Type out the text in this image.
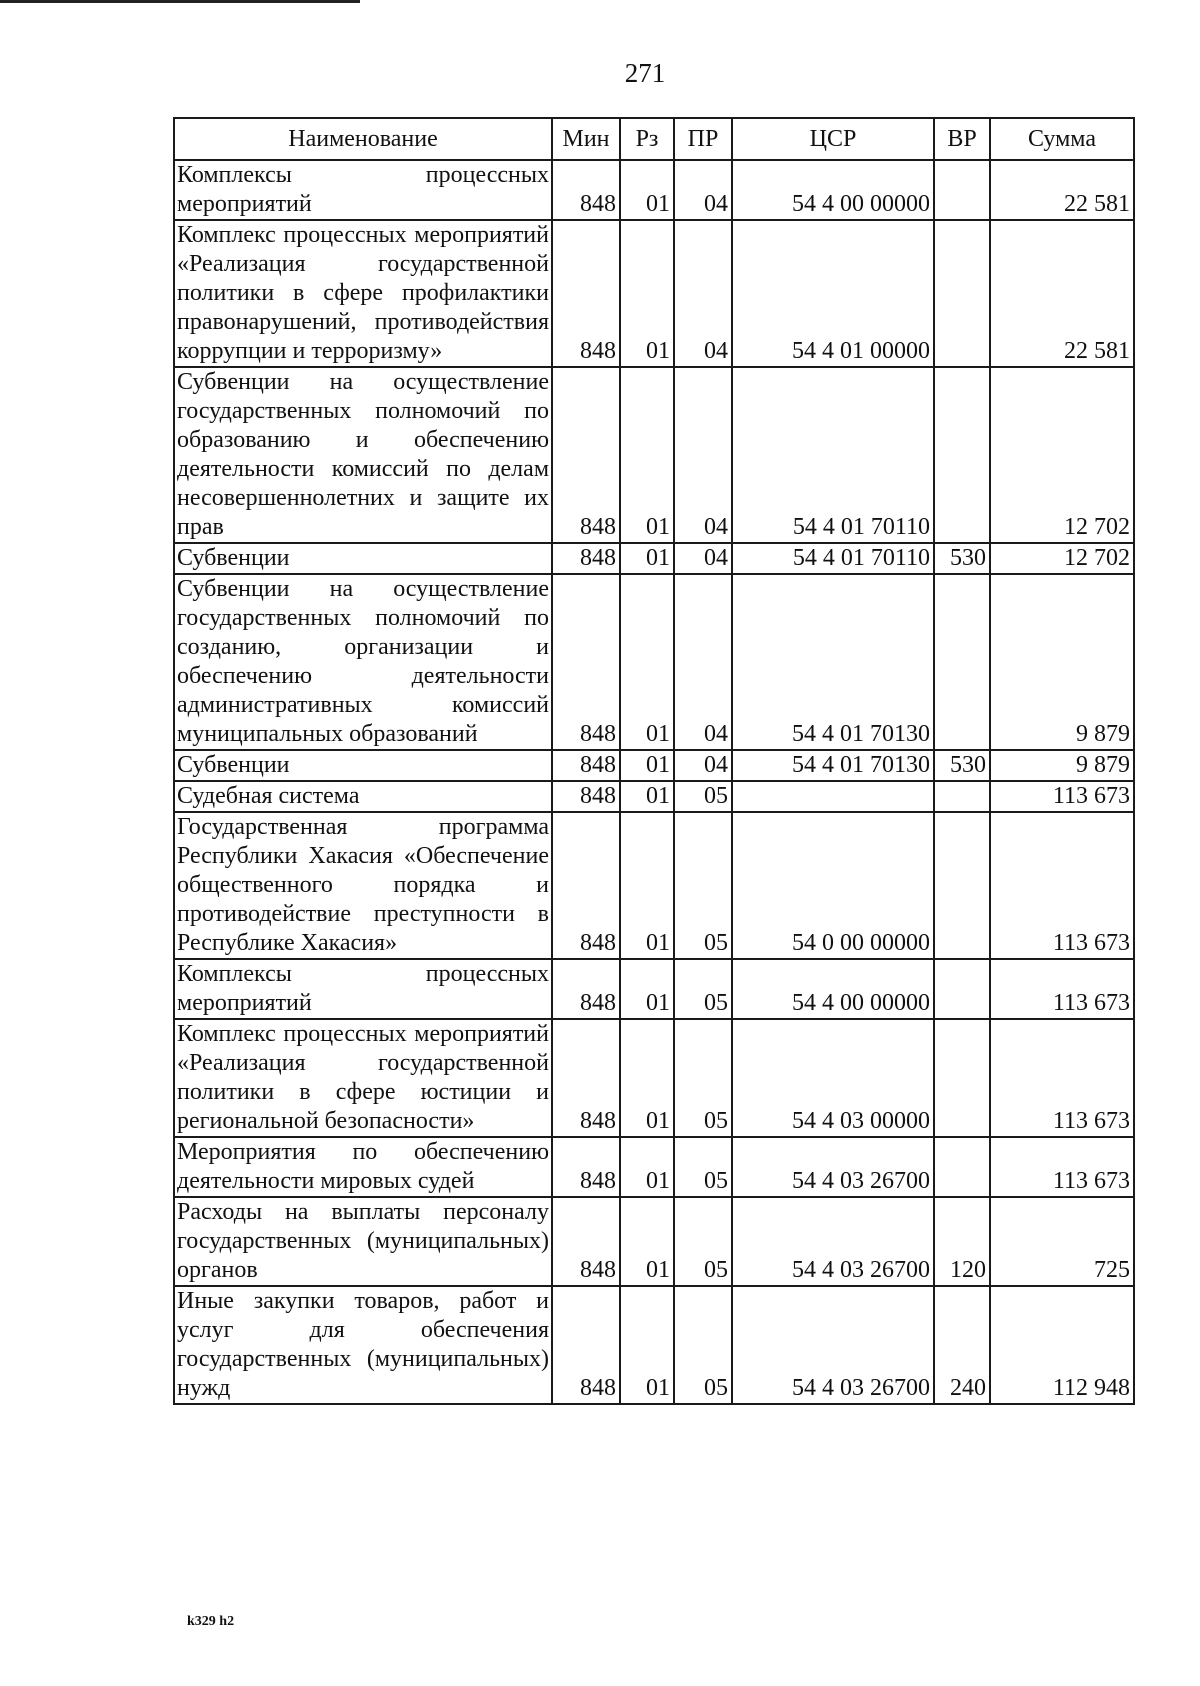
271
Наименование	Мин	Рз	ПР	ЦСР	ВР	Сумма
Комплексы процессных мероприятий	848	01	04	54 4 00 00000		22 581
Комплекс процессных мероприятий «Реализация государственной политики в сфере профилактики правонарушений, противодействия коррупции и терроризму»	848	01	04	54 4 01 00000		22 581
Субвенции на осуществление государственных полномочий по образованию и обеспечению деятельности комиссий по делам несовершеннолетних и защите их прав	848	01	04	54 4 01 70110		12 702
Субвенции	848	01	04	54 4 01 70110	530	12 702
Субвенции на осуществление государственных полномочий по созданию, организации и обеспечению деятельности административных комиссий муниципальных образований	848	01	04	54 4 01 70130		9 879
Субвенции	848	01	04	54 4 01 70130	530	9 879
Судебная система	848	01	05			113 673
Государственная программа Республики Хакасия «Обеспечение общественного порядка и противодействие преступности в Республике Хакасия»	848	01	05	54 0 00 00000		113 673
Комплексы процессных мероприятий	848	01	05	54 4 00 00000		113 673
Комплекс процессных мероприятий «Реализация государственной политики в сфере юстиции и региональной безопасности»	848	01	05	54 4 03 00000		113 673
Мероприятия по обеспечению деятельности мировых судей	848	01	05	54 4 03 26700		113 673
Расходы на выплаты персоналу государственных (муниципальных) органов	848	01	05	54 4 03 26700	120	725
Иные закупки товаров, работ и услуг для обеспечения государственных (муниципальных) нужд	848	01	05	54 4 03 26700	240	112 948
k329 h2
